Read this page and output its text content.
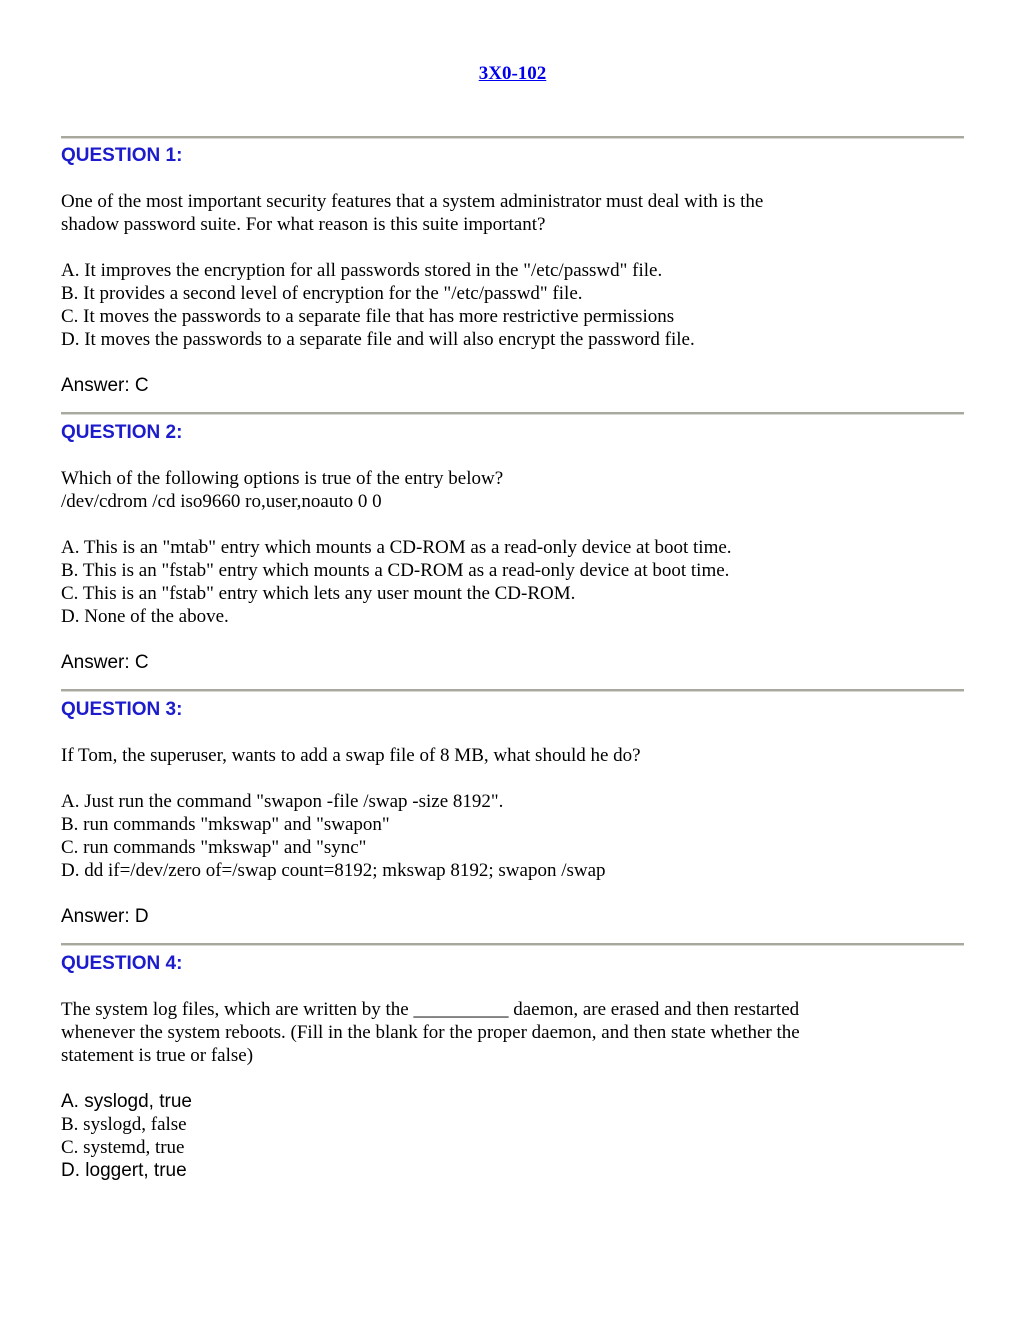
3X0-102
QUESTION 1:
One of the most important security features that a system administrator must deal with is the
shadow password suite. For what reason is this suite important?
A. It improves the encryption for all passwords stored in the "/etc/passwd" file.
B. It provides a second level of encryption for the "/etc/passwd" file.
C. It moves the passwords to a separate file that has more restrictive permissions
D. It moves the passwords to a separate file and will also encrypt the password file.
Answer: C
QUESTION 2:
Which of the following options is true of the entry below?
/dev/cdrom /cd iso9660 ro,user,noauto 0 0
A. This is an "mtab" entry which mounts a CD-ROM as a read-only device at boot time.
B. This is an "fstab" entry which mounts a CD-ROM as a read-only device at boot time.
C. This is an "fstab" entry which lets any user mount the CD-ROM.
D. None of the above.
Answer: C
QUESTION 3:
If Tom, the superuser, wants to add a swap file of 8 MB, what should he do?
A. Just run the command "swapon -file /swap -size 8192".
B. run commands "mkswap" and "swapon"
C. run commands "mkswap" and "sync"
D. dd if=/dev/zero of=/swap count=8192; mkswap 8192; swapon /swap
Answer: D
QUESTION 4:
The system log files, which are written by the __________ daemon, are erased and then restarted
whenever the system reboots. (Fill in the blank for the proper daemon, and then state whether the
statement is true or false)
A. syslogd, true
B. syslogd, false
C. systemd, true
D. loggert, true
